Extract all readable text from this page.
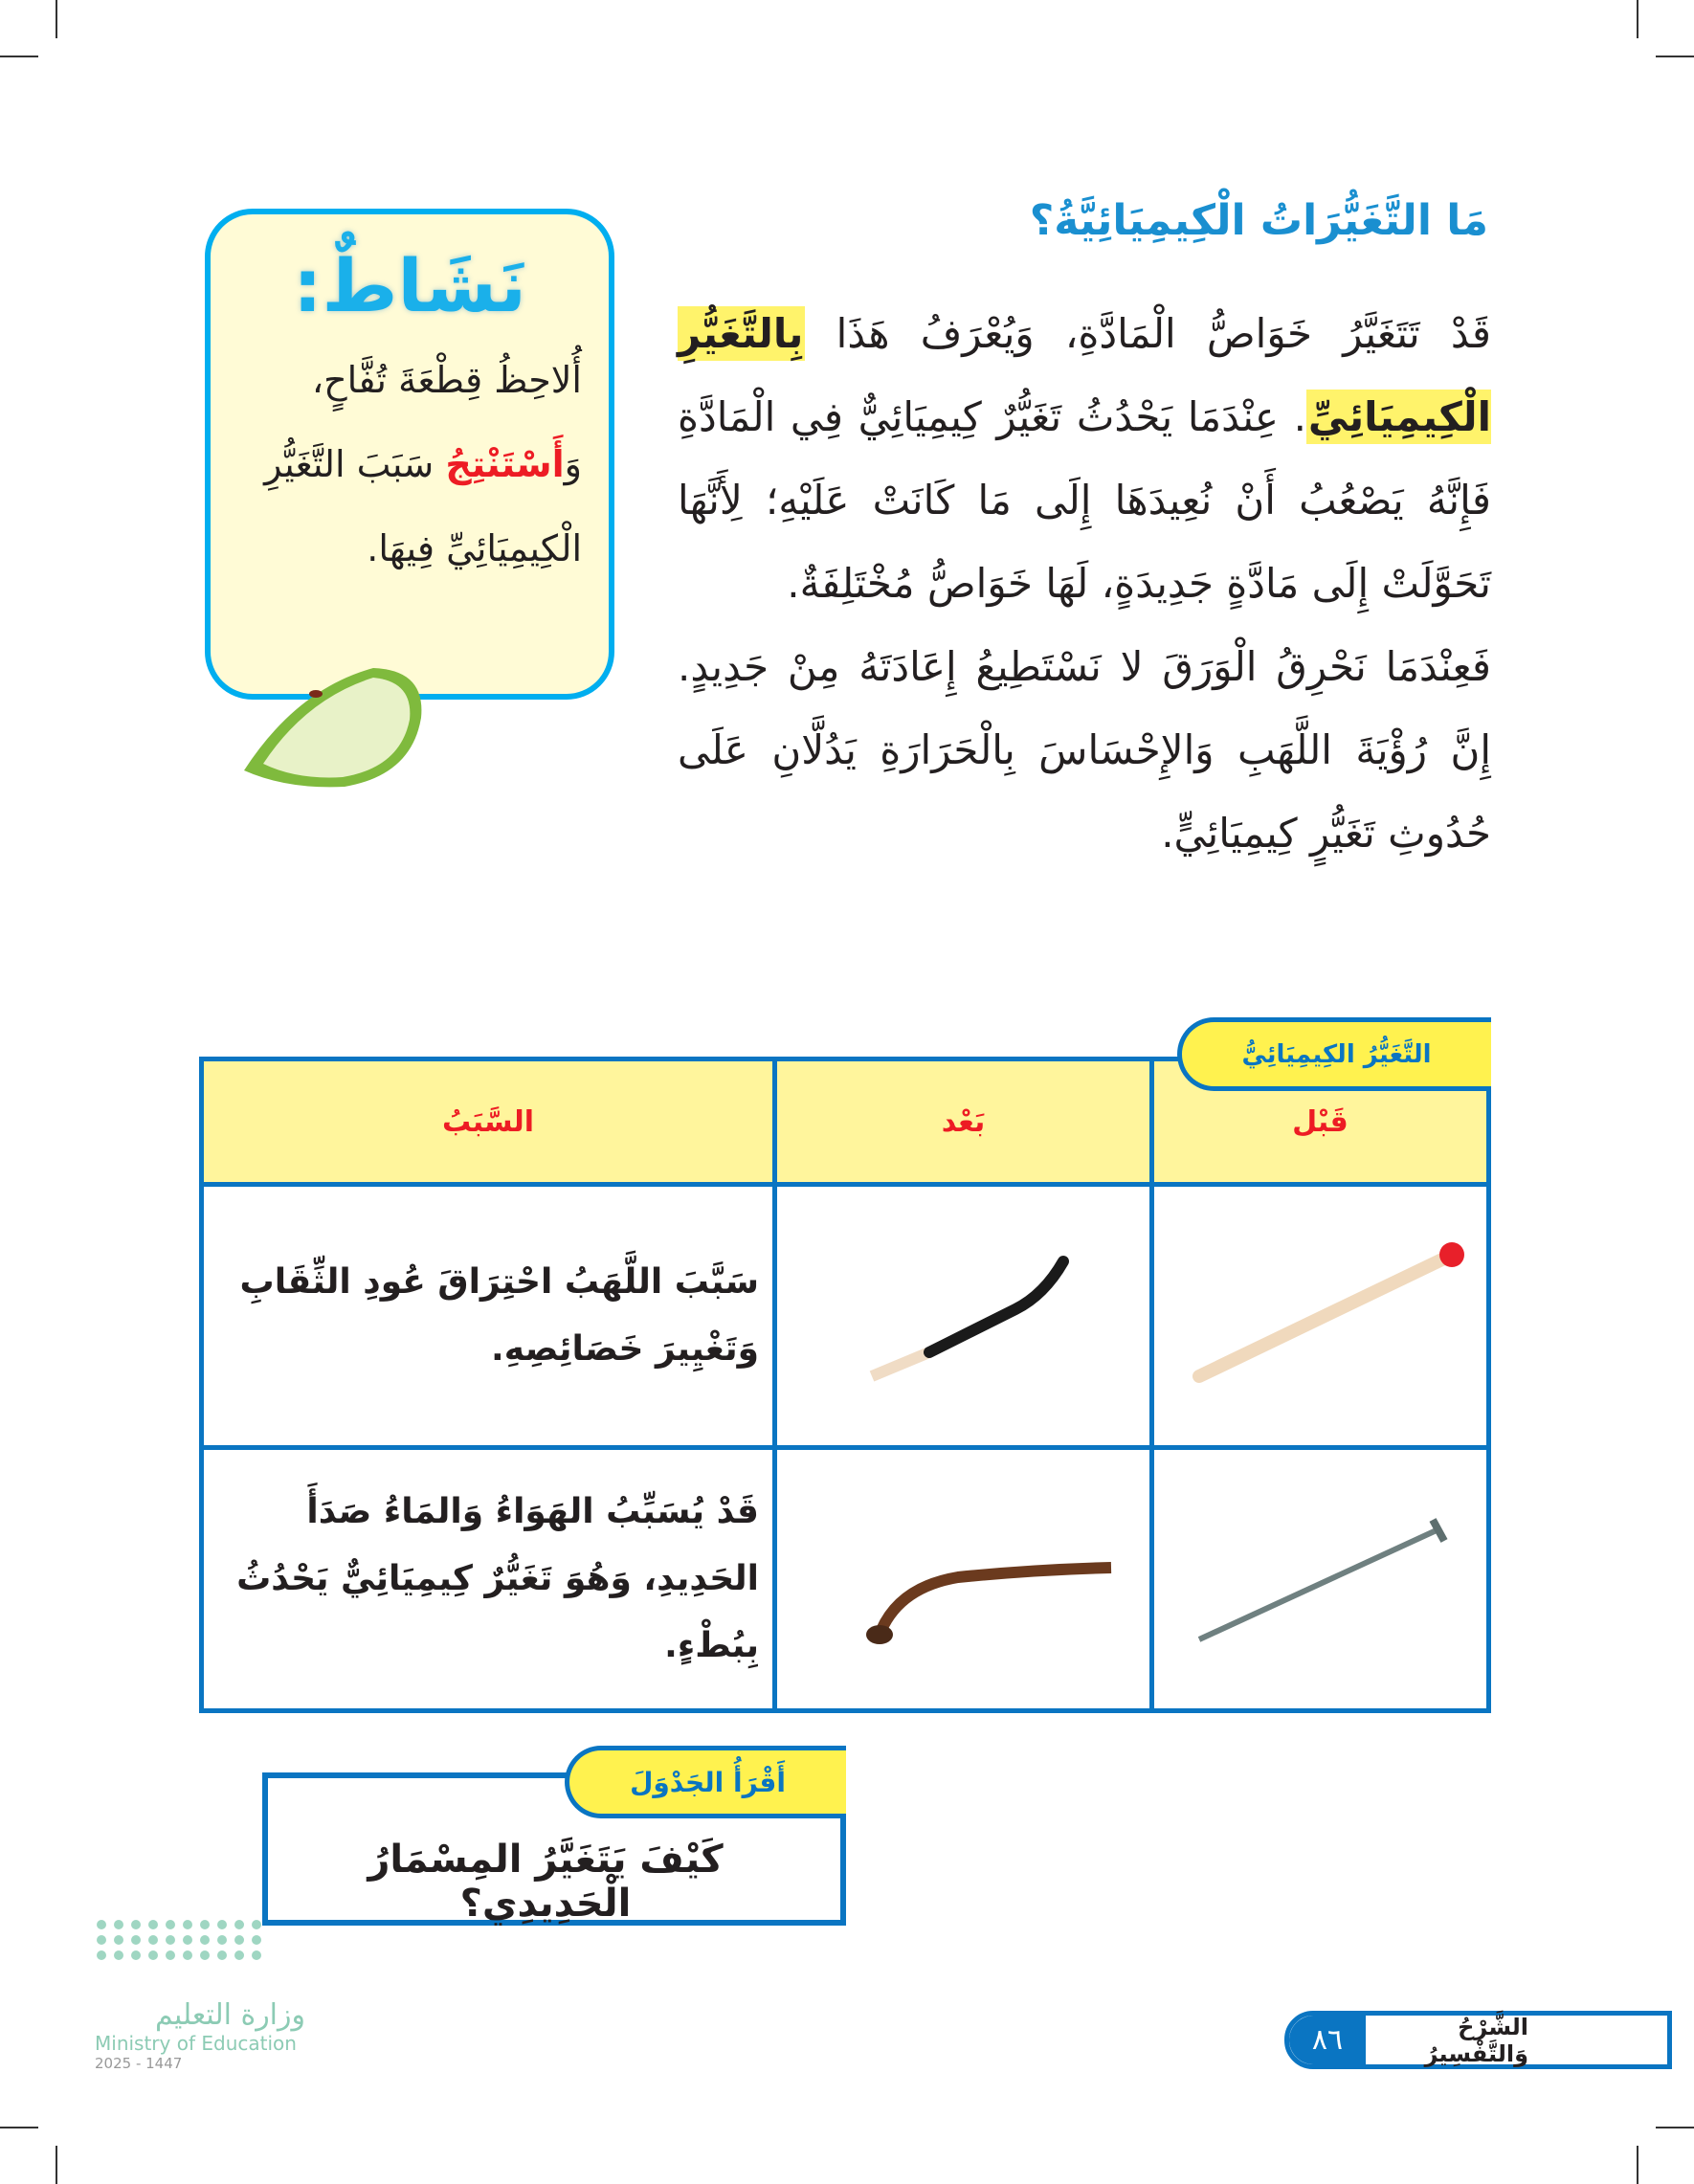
مَا التَّغَيُّرَاتُ الْكِيمِيَائِيَّةُ؟

قَدْ تَتَغَيَّرُ خَوَاصُّ الْمَادَّةِ، وَيُعْرَفُ هَذَا بِالتَّغَيُّرِ الْكِيمِيَائِيِّ. عِنْدَمَا يَحْدُثُ تَغَيُّرٌ كِيمِيَائِيٌّ فِي الْمَادَّةِ فَإِنَّهُ يَصْعُبُ أَنْ نُعِيدَهَا إِلَى مَا كَانَتْ عَلَيْهِ؛ لِأَنَّهَا تَحَوَّلَتْ إِلَى مَادَّةٍ جَدِيدَةٍ، لَهَا خَوَاصُّ مُخْتَلِفَةٌ.

فَعِنْدَمَا نَحْرِقُ الْوَرَقَ لا نَسْتَطِيعُ إِعَادَتَهُ مِنْ جَدِيدٍ. إِنَّ رُؤْيَةَ اللَّهَبِ وَالإِحْسَاسَ بِالْحَرَارَةِ يَدُلَّانِ عَلَى حُدُوثِ تَغَيُّرٍ كِيمِيَائِيٍّ.

نَشَاطٌ:
أُلاحِظُ قِطْعَةَ تُفَّاحٍ،
وَأَسْتَنْتِجُ سَبَبَ التَّغَيُّرِ
الْكِيمِيَائِيِّ فِيهَا.
قَبْل	بَعْد	السَّبَبُ
		سَبَّبَ اللَّهَبُ احْتِرَاقَ عُودِ الثِّقَابِ وَتَغْيِيرَ خَصَائِصِهِ.
		قَدْ يُسَبِّبُ الهَوَاءُ وَالمَاءُ صَدَأَ الحَدِيدِ، وَهُوَ تَغَيُّرٌ كِيمِيَائِيٌّ يَحْدُثُ بِبُطْءٍ.
التَّغَيُّرُ الكِيمِيَائِيُّ
أَقْرَأُ الجَدْوَلَ
كَيْفَ يَتَغَيَّرُ المِسْمَارُ الْحَدِيدِي؟
وزارة التعليم
Ministry of Education
2025 - 1447
الشَّرْحُ وَالتَّفْسِيرُ
٨٦
